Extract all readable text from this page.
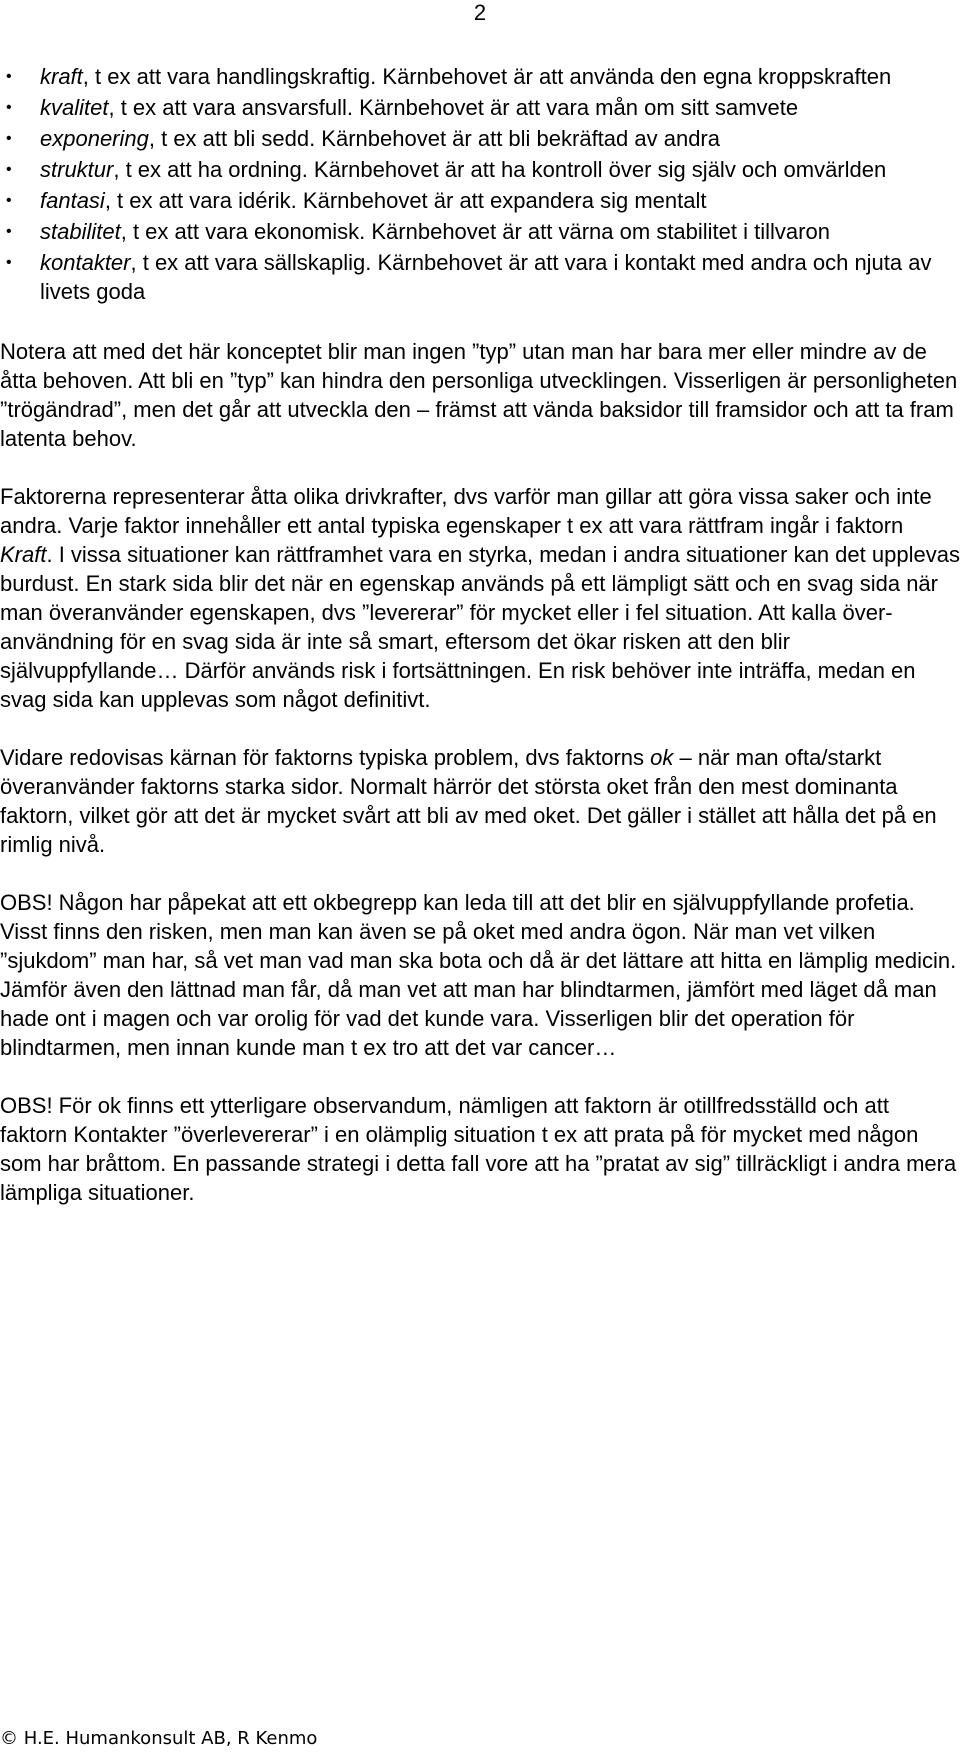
2
• kraft, t ex att vara handlingskraftig. Kärnbehovet är att använda den egna kroppskraften
• kvalitet, t ex att vara ansvarsfull. Kärnbehovet är att vara mån om sitt samvete
• exponering, t ex att bli sedd. Kärnbehovet är att bli bekräftad av andra
• struktur, t ex att ha ordning. Kärnbehovet är att ha kontroll över sig själv och omvärlden
• fantasi, t ex att vara idérik. Kärnbehovet är att expandera sig mentalt
• stabilitet, t ex att vara ekonomisk. Kärnbehovet är att värna om stabilitet i tillvaron
• kontakter, t ex att vara sällskaplig. Kärnbehovet är att vara i kontakt med andra och njuta av livets goda

Notera att med det här konceptet blir man ingen ”typ” utan man har bara mer eller mindre av de åtta behoven. Att bli en ”typ” kan hindra den personliga utvecklingen. Visserligen är personligheten ”trögändrad”, men det går att utveckla den – främst att vända baksidor till framsidor och att ta fram latenta behov.

Faktorerna representerar åtta olika drivkrafter, dvs varför man gillar att göra vissa saker och inte andra. Varje faktor innehåller ett antal typiska egenskaper t ex att vara rättfram ingår i faktorn Kraft. I vissa situationer kan rättframhet vara en styrka, medan i andra situationer kan det upplevas burdust. En stark sida blir det när en egenskap används på ett lämpligt sätt och en svag sida när man överanvänder egenskapen, dvs ”levererar” för mycket eller i fel situation. Att kalla över-användning för en svag sida är inte så smart, eftersom det ökar risken att den blir självuppfyllande… Därför används risk i fortsättningen. En risk behöver inte inträffa, medan en svag sida kan upplevas som något definitivt.

Vidare redovisas kärnan för faktorns typiska problem, dvs faktorns ok – när man ofta/starkt överanvänder faktorns starka sidor. Normalt härrör det största oket från den mest dominanta faktorn, vilket gör att det är mycket svårt att bli av med oket. Det gäller i stället att hålla det på en rimlig nivå.

OBS! Någon har påpekat att ett okbegrepp kan leda till att det blir en självuppfyllande profetia. Visst finns den risken, men man kan även se på oket med andra ögon. När man vet vilken ”sjukdom” man har, så vet man vad man ska bota och då är det lättare att hitta en lämplig medicin. Jämför även den lättnad man får, då man vet att man har blindtarmen, jämfört med läget då man hade ont i magen och var orolig för vad det kunde vara. Visserligen blir det operation för blindtarmen, men innan kunde man t ex tro att det var cancer…

OBS! För ok finns ett ytterligare observandum, nämligen att faktorn är otillfredsställd och att faktorn Kontakter ”överlevererar” i en olämplig situation t ex att prata på för mycket med någon som har bråttom. En passande strategi i detta fall vore att ha ”pratat av sig” tillräckligt i andra mera lämpliga situationer.

© H.E. Humankonsult AB, R Kenmo
